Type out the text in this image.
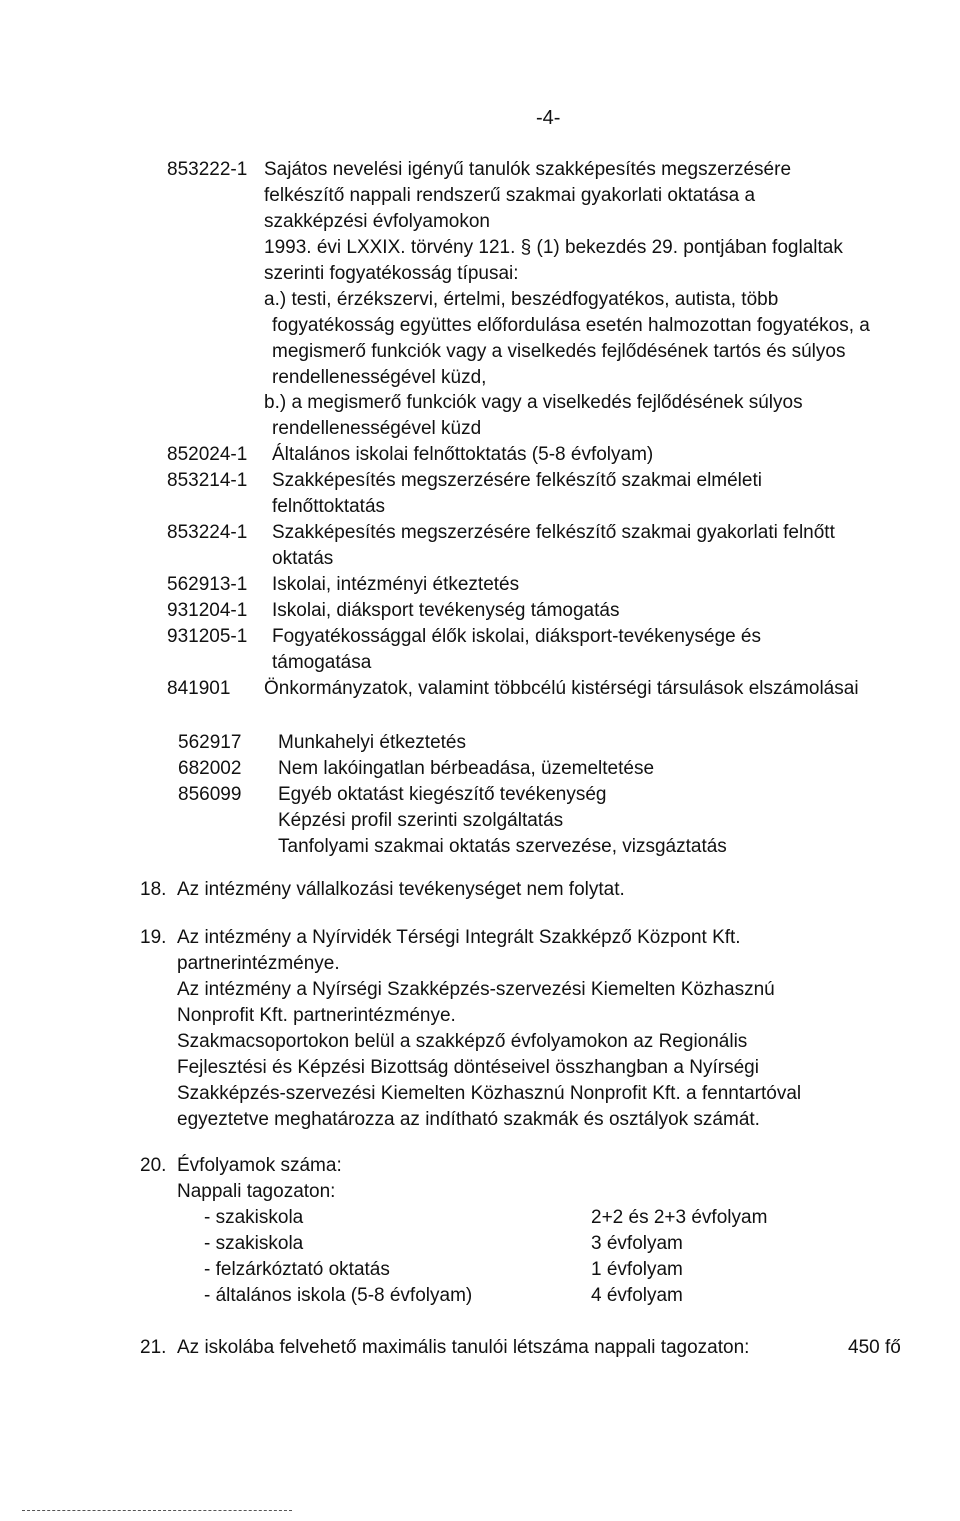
-4-
853222-1 Sajátos nevelési igényű tanulók szakképesítés megszerzésére
felkészítő nappali rendszerű szakmai gyakorlati oktatása a
szakképzési évfolyamokon
1993. évi LXXIX. törvény 121. § (1) bekezdés 29. pontjában foglaltak
szerinti fogyatékosság típusai:
a.) testi, érzékszervi, értelmi, beszédfogyatékos, autista, több
fogyatékosság együttes előfordulása esetén halmozottan fogyatékos, a
megismerő funkciók vagy a viselkedés fejlődésének tartós és súlyos
rendellenességével küzd,
b.) a megismerő funkciók vagy a viselkedés fejlődésének súlyos
rendellenességével küzd
852024-1 Általános iskolai felnőttoktatás (5-8 évfolyam)
853214-1 Szakképesítés megszerzésére felkészítő szakmai elméleti
felnőttoktatás
853224-1 Szakképesítés megszerzésére felkészítő szakmai gyakorlati felnőtt
oktatás
562913-1 Iskolai, intézményi étkeztetés
931204-1 Iskolai, diáksport tevékenység támogatás
931205-1 Fogyatékossággal élők iskolai, diáksport-tevékenysége és
támogatása
841901 Önkormányzatok, valamint többcélú kistérségi társulások elszámolásai
562917 Munkahelyi étkeztetés
682002 Nem lakóingatlan bérbeadása, üzemeltetése
856099 Egyéb oktatást kiegészítő tevékenység
Képzési profil szerinti szolgáltatás
Tanfolyami szakmai oktatás szervezése, vizsgáztatás
18. Az intézmény vállalkozási tevékenységet nem folytat.
19. Az intézmény a Nyírvidék Térségi Integrált Szakképző Központ Kft.
partnerintézménye.
Az intézmény a Nyírségi Szakképzés-szervezési Kiemelten Közhasznú
Nonprofit Kft. partnerintézménye.
Szakmacsoportokon belül a szakképző évfolyamokon az Regionális
Fejlesztési és Képzési Bizottság döntéseivel összhangban a Nyírségi
Szakképzés-szervezési Kiemelten Közhasznú Nonprofit Kft. a fenntartóval
egyeztetve meghatározza az indítható szakmák és osztályok számát.
20. Évfolyamok száma:
Nappali tagozaton:
- szakiskola	2+2 és 2+3 évfolyam
- szakiskola	3 évfolyam
- felzárkóztató oktatás	1 évfolyam
- általános iskola (5-8 évfolyam)	4 évfolyam
21. Az iskolába felvehető maximális tanulói létszáma nappali tagozaton:	450 fő
